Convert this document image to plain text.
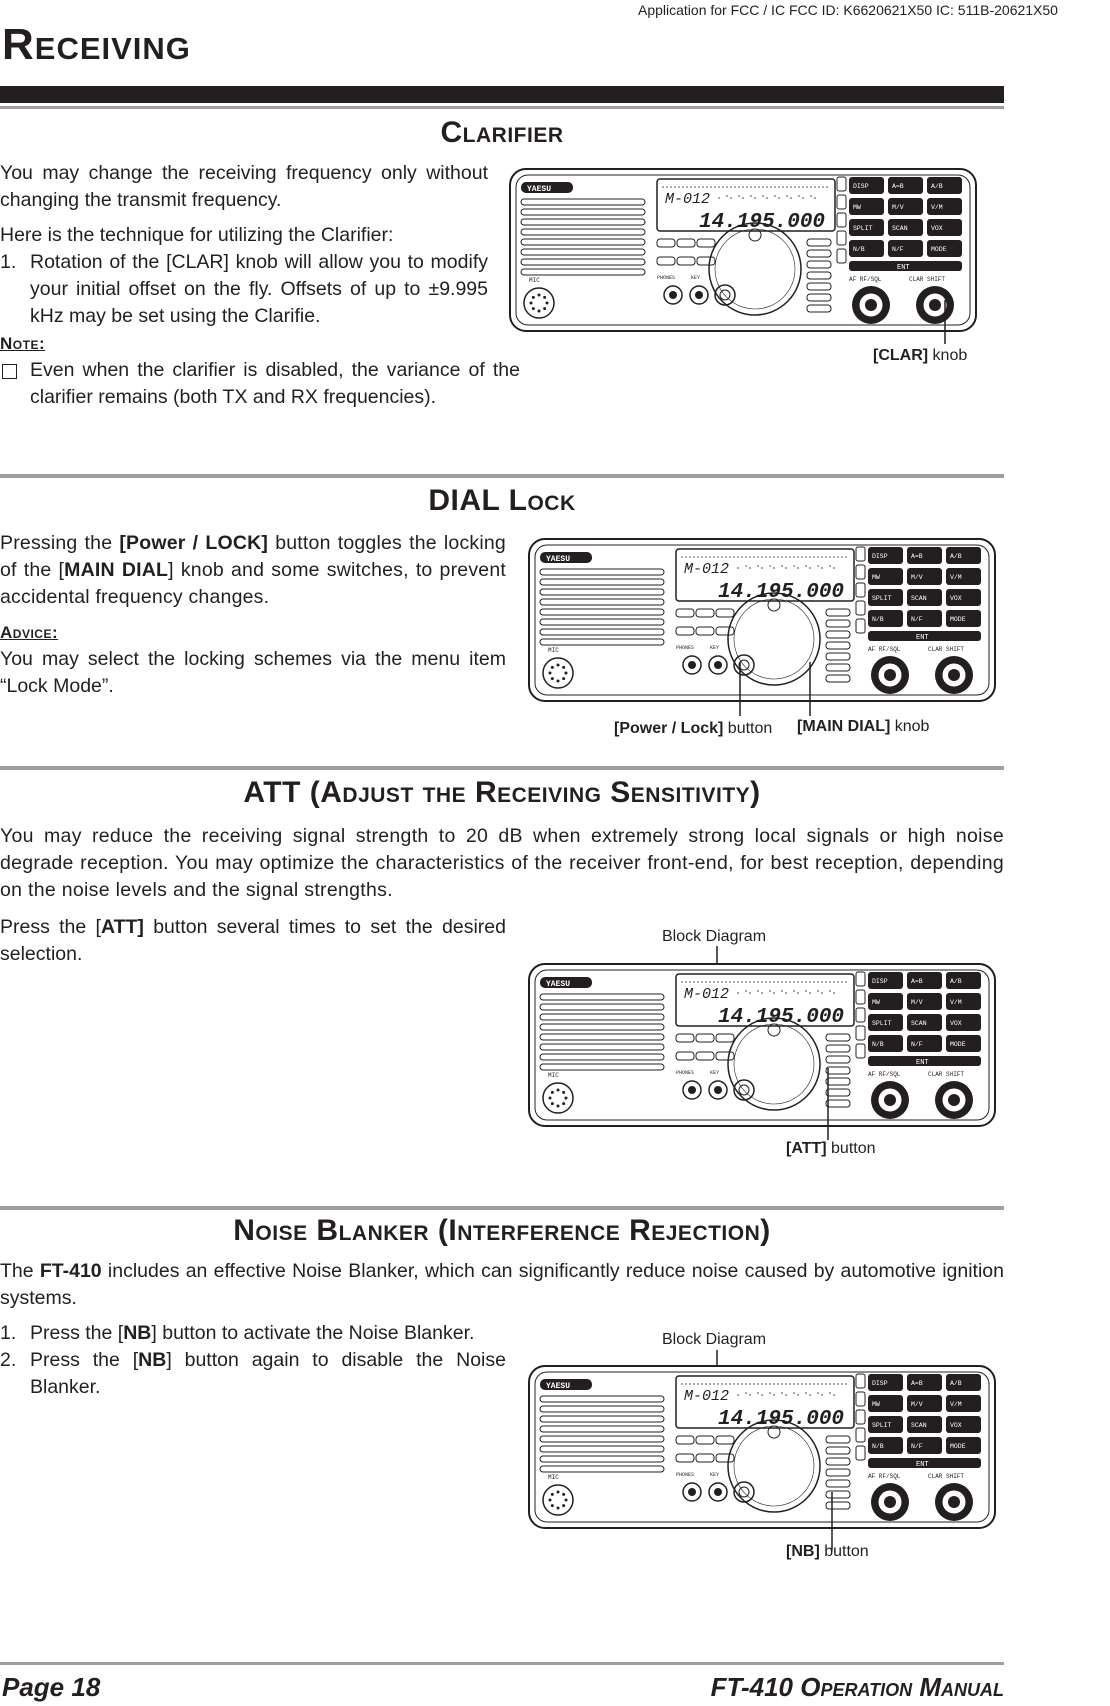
Application for FCC / IC FCC ID: K6620621X50 IC: 511B-20621X50
Receiving
Clarifier

You may change the receiving frequency only without changing the transmit frequency.

Here is the technique for utilizing the Clarifier:

1. Rotation of the [CLAR] knob will allow you to modify your initial offset on the fly. Offsets of up to ±9.995 kHz may be set using the Clarifie.
Note:
Even when the clarifier is disabled, the variance of the clarifier remains (both TX and RX frequencies).
YAESU
MIC
M-012
14.195.000
PHONES	KEY
DISP	A=B	A/B
MW	M/V	V/M
SPLIT	SCAN	VOX
N/B	N/F	MODE
ENT
AF RF/SQL	CLAR SHIFT
[CLAR] knob
DIAL Lock

Pressing the [Power / LOCK] button toggles the locking of the [MAIN DIAL] knob and some switches, to prevent accidental frequency changes.

Advice:

You may select the locking schemes via the menu item “Lock Mode”.

YAESU
MIC
M-012
14.195.000
PHONES	KEY
DISP	A=B	A/B
MW	M/V	V/M
SPLIT	SCAN	VOX
N/B	N/F	MODE
ENT
AF RF/SQL	CLAR SHIFT
[Power / Lock] button [MAIN DIAL] knob
ATT (Adjust the Receiving Sensitivity)

You may reduce the receiving signal strength to 20 dB when extremely strong local signals or high noise degrade reception. You may optimize the characteristics of the receiver front-end, for best reception, depending on the noise levels and the signal strengths.

Press the [ATT] button several times to set the desired selection.

Block Diagram
YAESU
MIC
M-012
14.195.000
PHONES	KEY
DISP	A=B	A/B
MW	M/V	V/M
SPLIT	SCAN	VOX
N/B	N/F	MODE
ENT
AF RF/SQL	CLAR SHIFT
[ATT] button
Noise Blanker (Interference Rejection)

The FT-410 includes an effective Noise Blanker, which can significantly reduce noise caused by automotive ignition systems.

1. Press the [NB] button to activate the Noise Blanker.
2. Press the [NB] button again to disable the Noise Blanker.
Block Diagram
YAESU
MIC
M-012
14.195.000
PHONES	KEY
DISP	A=B	A/B
MW	M/V	V/M
SPLIT	SCAN	VOX
N/B	N/F	MODE
ENT
AF RF/SQL	CLAR SHIFT
[NB] button
Page 18	FT-410 Operation Manual
